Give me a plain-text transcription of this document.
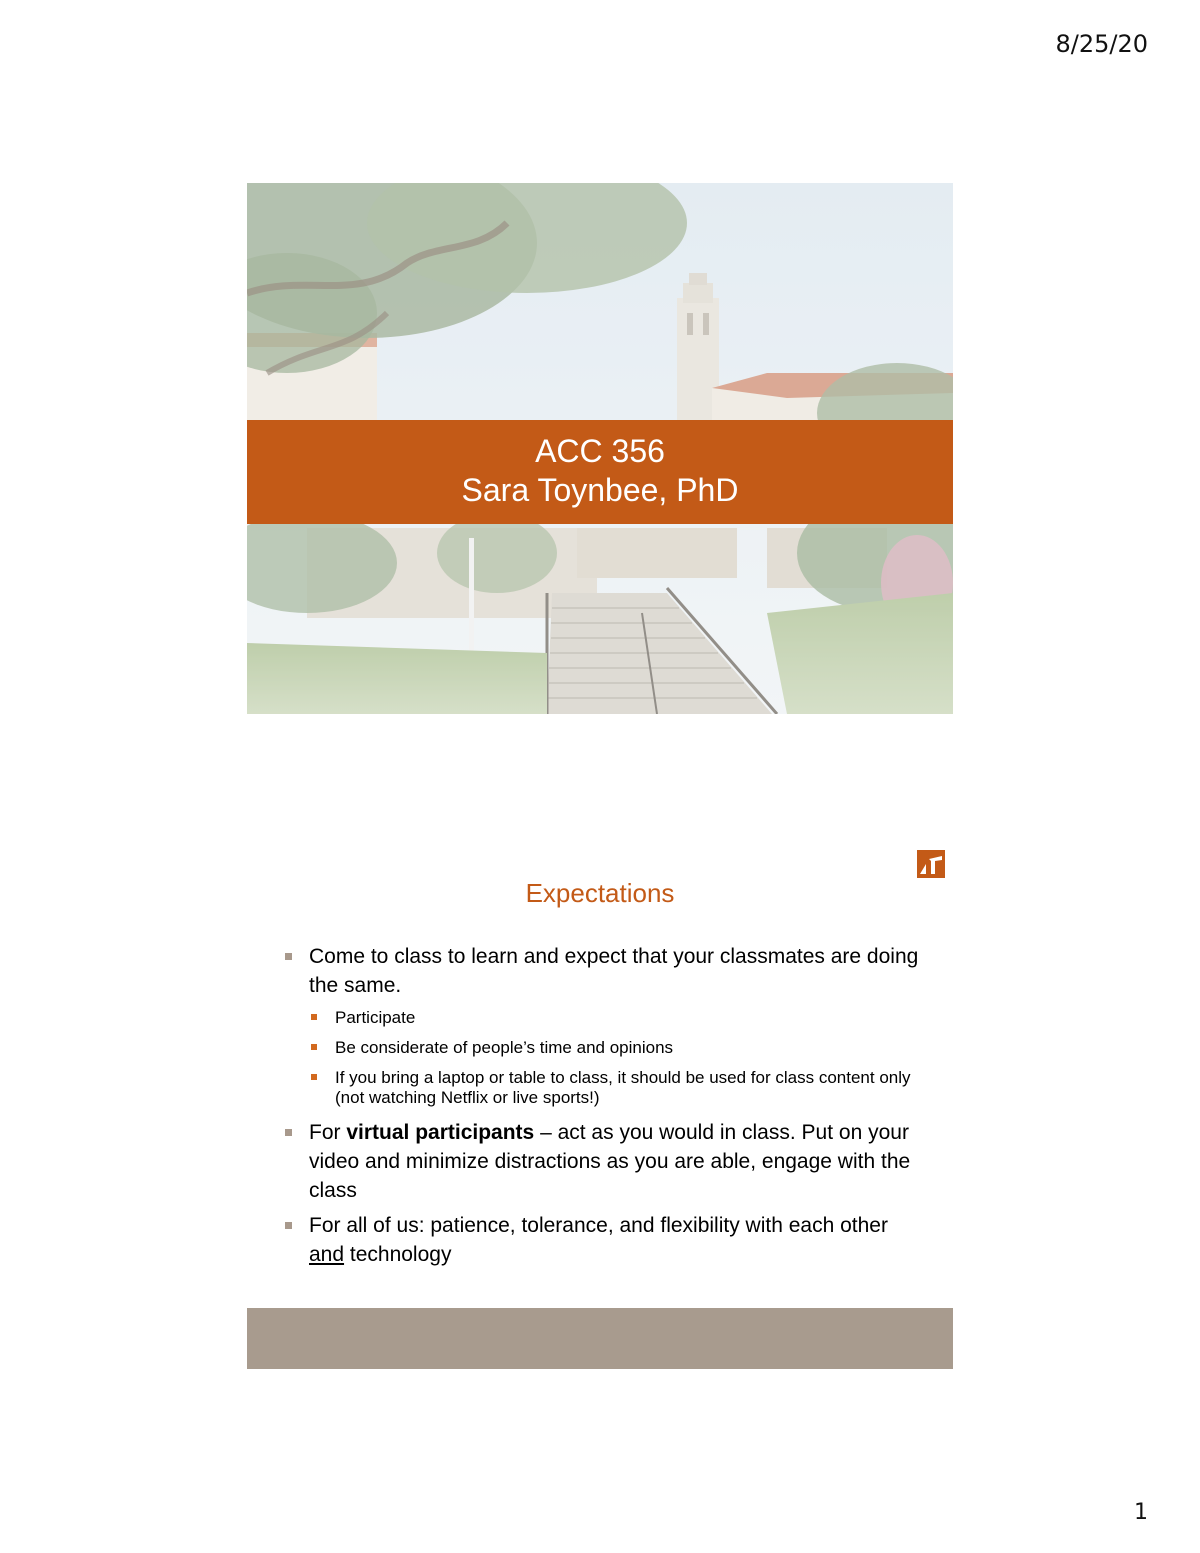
8/25/20
ACC 356
Sara Toynbee, PhD
Expectations
Come to class to learn and expect that your classmates are doing the same.
Participate
Be considerate of people’s time and opinions
If you bring a laptop or table to class, it should be used for class content only (not watching Netflix or live sports!)
For virtual participants – act as you would in class. Put on your video and minimize distractions as you are able, engage with the class
For all of us: patience, tolerance, and flexibility with each other and technology
1
